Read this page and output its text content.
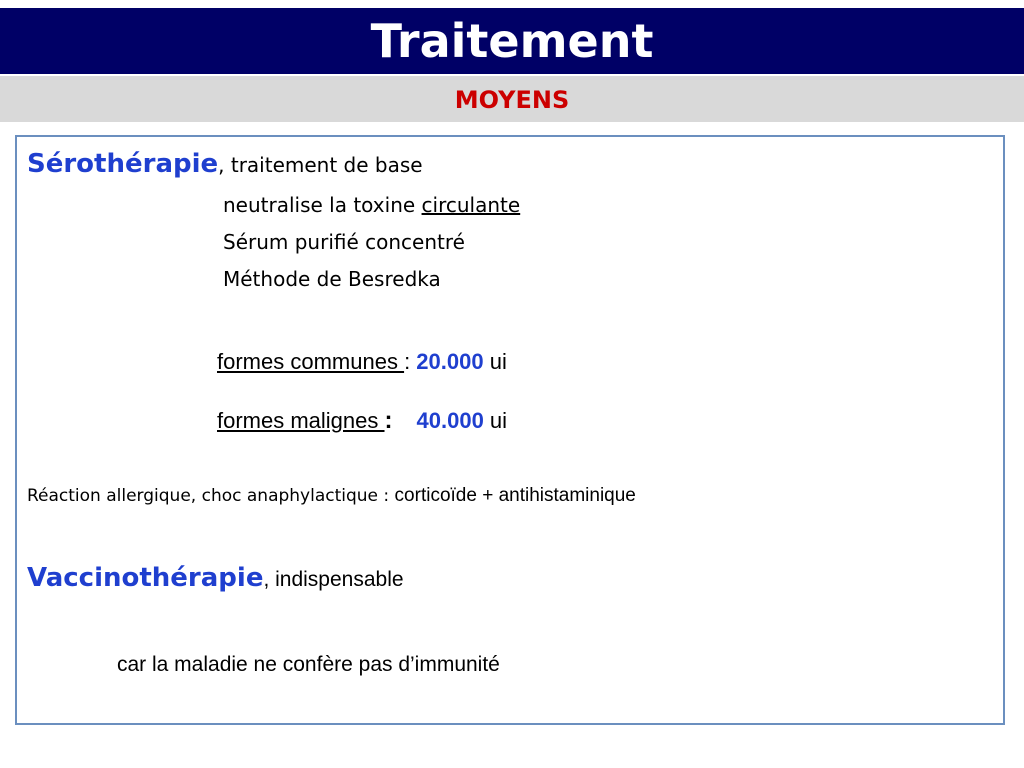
Traitement
MOYENS
Sérothérapie, traitement de base
neutralise la toxine circulante
Sérum purifié concentré
Méthode de Besredka
formes communes : 20.000 ui
formes malignes : 40.000 ui
Réaction allergique, choc anaphylactique : corticoïde + antihistaminique
Vaccinothérapie, indispensable
car la maladie ne confère pas d’immunité
